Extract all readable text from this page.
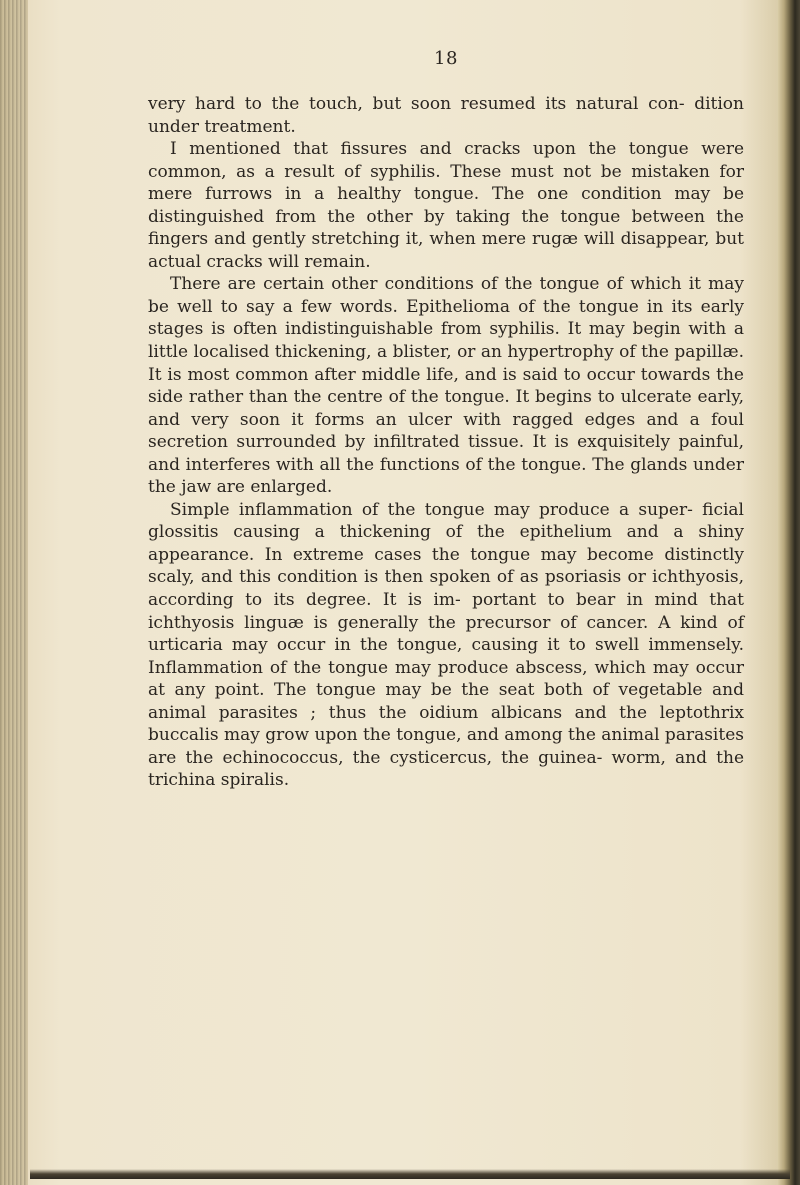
18

very hard to the touch, but soon resumed its natural con- dition under treatment.

I mentioned that fissures and cracks upon the tongue were common, as a result of syphilis. These must not be mistaken for mere furrows in a healthy tongue. The one condition may be distinguished from the other by taking the tongue between the fingers and gently stretching it, when mere rugæ will disappear, but actual cracks will remain.

There are certain other conditions of the tongue of which it may be well to say a few words. Epithelioma of the tongue in its early stages is often indistinguishable from syphilis. It may begin with a little localised thickening, a blister, or an hypertrophy of the papillæ. It is most common after middle life, and is said to occur towards the side rather than the centre of the tongue. It begins to ulcerate early, and very soon it forms an ulcer with ragged edges and a foul secretion surrounded by infiltrated tissue. It is exquisitely painful, and interferes with all the functions of the tongue. The glands under the jaw are enlarged.

Simple inflammation of the tongue may produce a super- ficial glossitis causing a thickening of the epithelium and a shiny appearance. In extreme cases the tongue may become distinctly scaly, and this condition is then spoken of as psoriasis or ichthyosis, according to its degree. It is im- portant to bear in mind that ichthyosis linguæ is generally the precursor of cancer. A kind of urticaria may occur in the tongue, causing it to swell immensely. Inflammation of the tongue may produce abscess, which may occur at any point. The tongue may be the seat both of vegetable and animal parasites ; thus the oidium albicans and the leptothrix buccalis may grow upon the tongue, and among the animal parasites are the echinococcus, the cysticercus, the guinea- worm, and the trichina spiralis.
